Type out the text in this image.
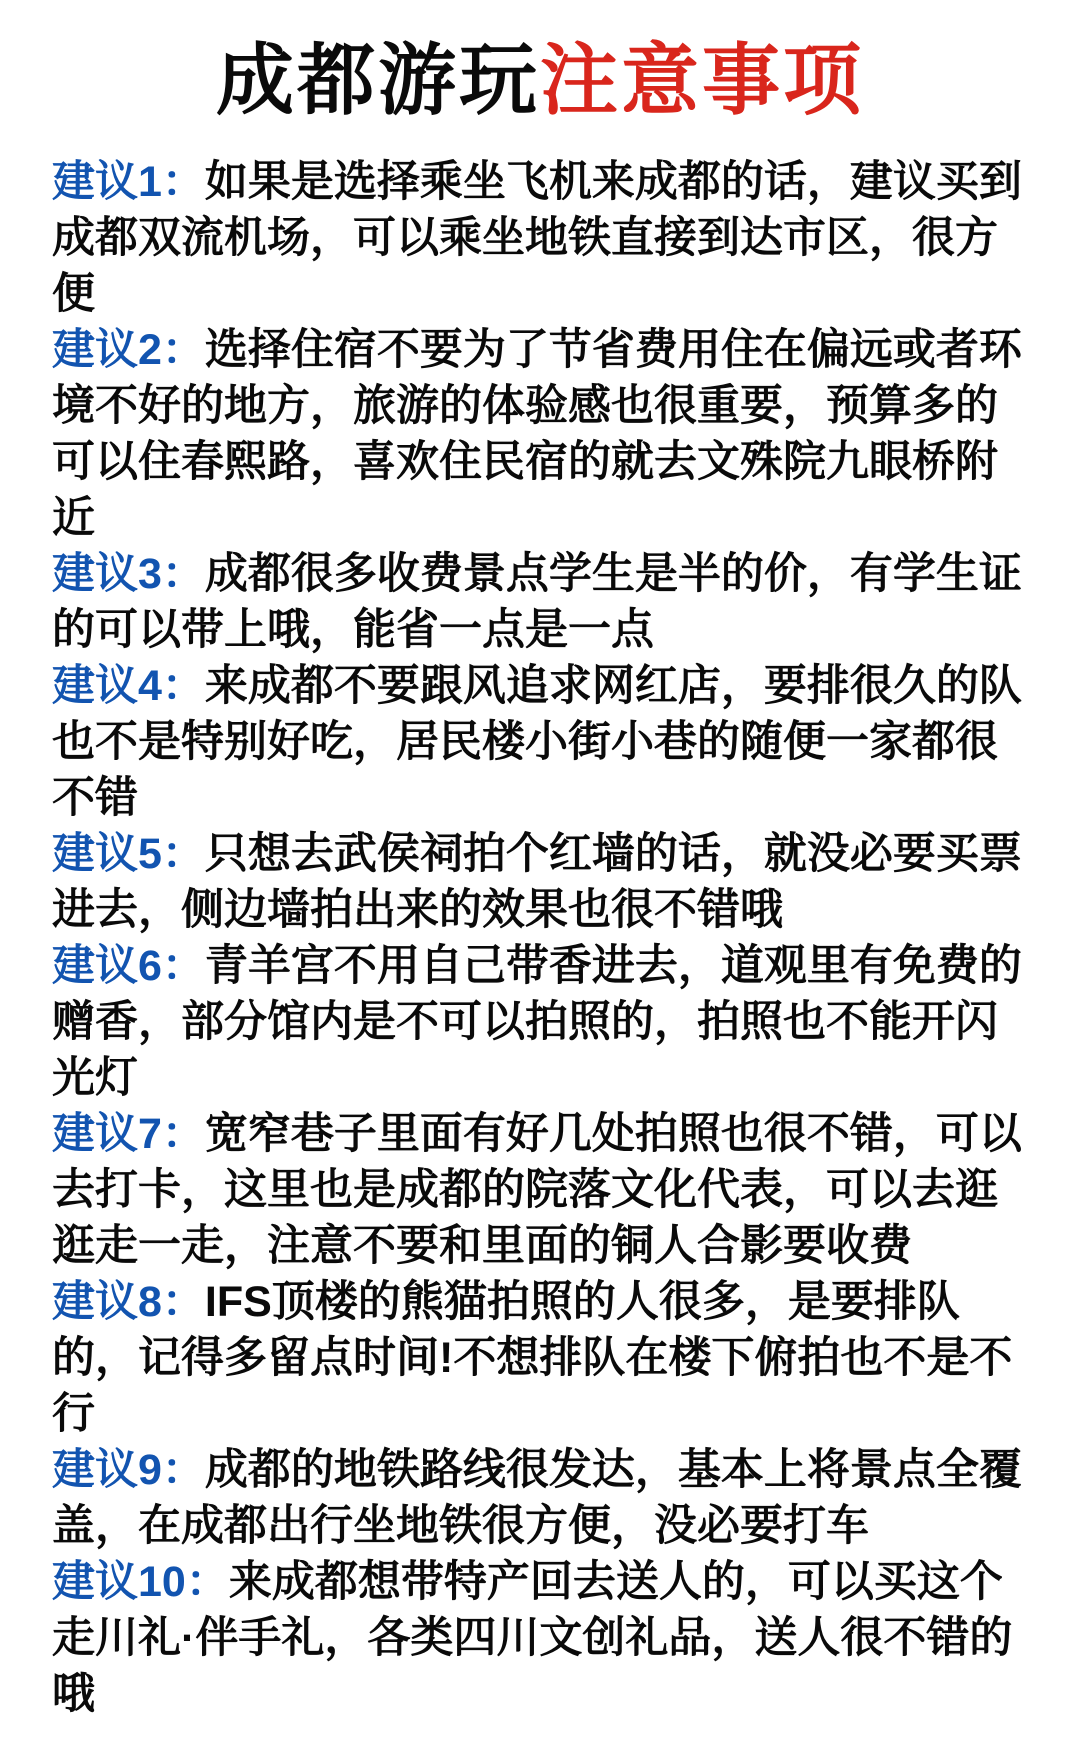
成都游玩注意事项

建议1：如果是选择乘坐飞机来成都的话，建议买到成都双流机场，可以乘坐地铁直接到达市区，很方便

建议2：选择住宿不要为了节省费用住在偏远或者环境不好的地方，旅游的体验感也很重要，预算多的可以住春熙路，喜欢住民宿的就去文殊院九眼桥附近

建议3：成都很多收费景点学生是半的价，有学生证的可以带上哦，能省一点是一点

建议4：来成都不要跟风追求网红店，要排很久的队也不是特别好吃，居民楼小街小巷的随便一家都很不错

建议5：只想去武侯祠拍个红墙的话，就没必要买票进去，侧边墙拍出来的效果也很不错哦

建议6：青羊宫不用自己带香进去，道观里有免费的赠香，部分馆内是不可以拍照的，拍照也不能开闪光灯

建议7：宽窄巷子里面有好几处拍照也很不错，可以去打卡，这里也是成都的院落文化代表，可以去逛逛走一走，注意不要和里面的铜人合影要收费

建议8：IFS顶楼的熊猫拍照的人很多，是要排队的，记得多留点时间!不想排队在楼下俯拍也不是不行

建议9：成都的地铁路线很发达，基本上将景点全覆盖，在成都出行坐地铁很方便，没必要打车

建议10：来成都想带特产回去送人的，可以买这个走川礼·伴手礼，各类四川文创礼品，送人很不错的哦
